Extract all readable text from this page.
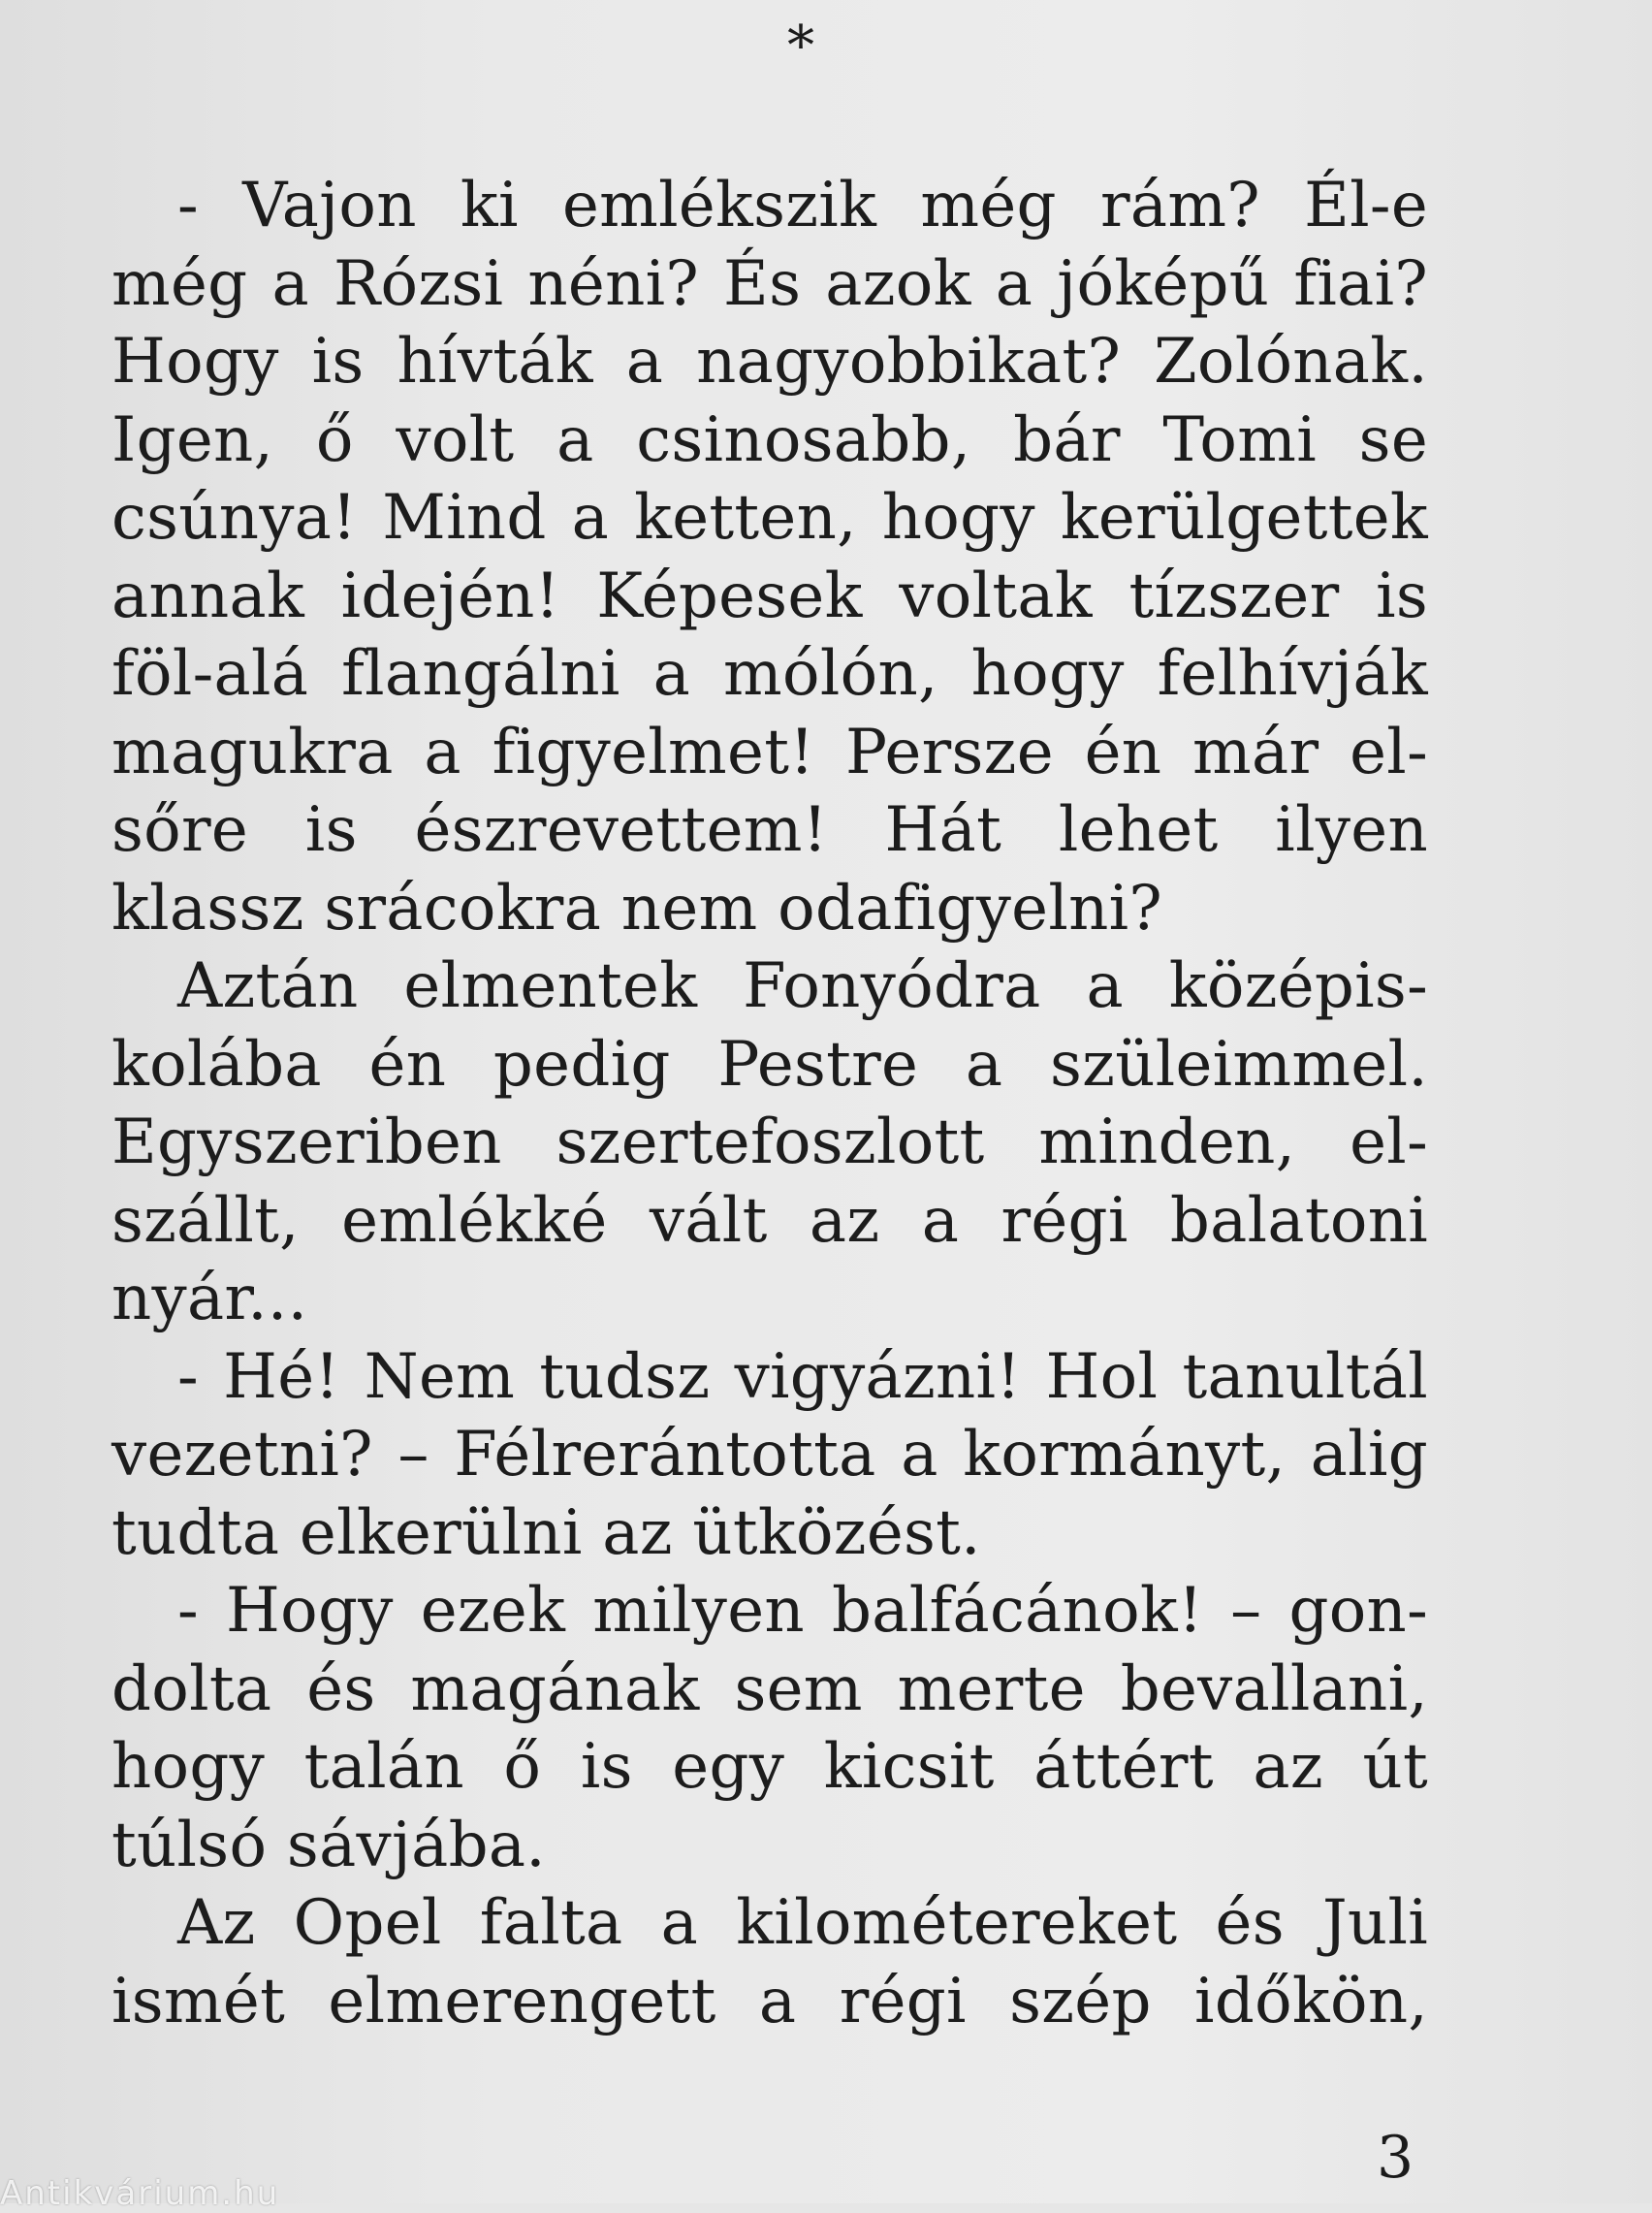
*

- Vajon ki emlékszik még rám? Él-e
még a Rózsi néni? És azok a jóképű fiai?
Hogy is hívták a nagyobbikat? Zolónak.
Igen, ő volt a csinosabb, bár Tomi se
csúnya! Mind a ketten, hogy kerülgettek
annak idején! Képesek voltak tízszer is
föl-alá flangálni a mólón, hogy felhívják
magukra a figyelmet! Persze én már el-
sőre is észrevettem! Hát lehet ilyen
klassz srácokra nem odafigyelni?

Aztán elmentek Fonyódra a középis-
kolába én pedig Pestre a szüleimmel.
Egyszeriben szertefoszlott minden, el-
szállt, emlékké vált az a régi balatoni
nyár...

- Hé! Nem tudsz vigyázni! Hol tanultál
vezetni? – Félrerántotta a kormányt, alig
tudta elkerülni az ütközést.

- Hogy ezek milyen balfácánok! – gon-
dolta és magának sem merte bevallani,
hogy talán ő is egy kicsit áttért az út
túlsó sávjába.

Az Opel falta a kilométereket és Juli
ismét elmerengett a régi szép időkön,

3
Antikvárium.hu
